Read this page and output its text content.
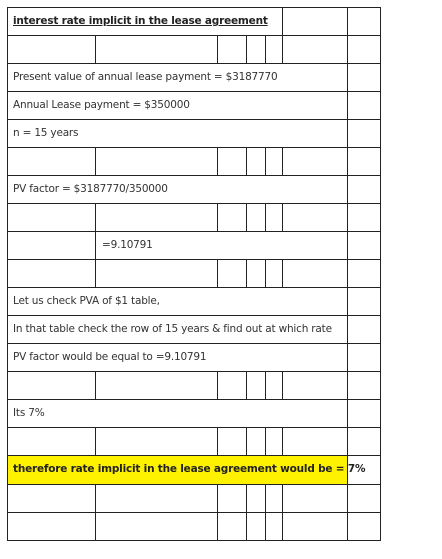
interest rate implicit in the lease agreement
Present value of annual lease payment = $3187770
Annual Lease payment = $350000
n = 15 years
PV factor = $3187770/350000
=9.10791
Let us check PVA of $1 table,
In that table check the row of 15 years & find out at which rate
PV factor would be equal to =9.10791
Its 7%
therefore rate implicit in the lease agreement would be = 7%
